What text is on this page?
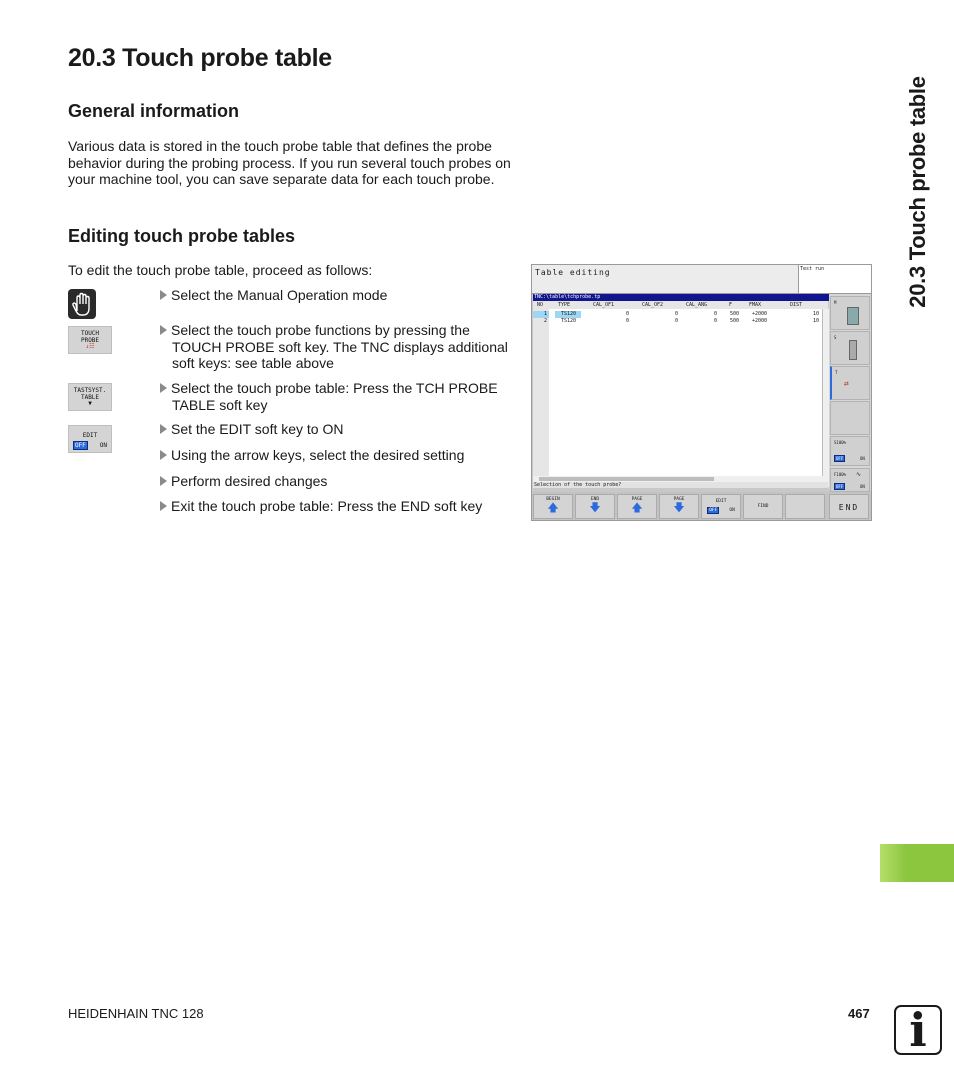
20.3 Touch probe table
20.3 Touch probe table
General information

Various data is stored in the touch probe table that defines the probe behavior during the probing process. If you run several touch probes on your machine tool, you can save separate data for each touch probe.

Editing touch probe tables

To edit the touch probe table, proceed as follows:

TOUCH
PROBE
↓☷
TASTSYST.
TABLE
▼
EDIT
OFF ON
Select the Manual Operation mode
Select the touch probe functions by pressing the
TOUCH PROBE soft key. The TNC displays additional
soft keys: see table above
Select the touch probe table: Press the TCH PROBE
TABLE soft key
Set the EDIT soft key to ON
Using the arrow keys, select the desired setting
Perform desired changes
Exit the touch probe table: Press the END soft key
Table editing	Test run
TNC:\table\tchprobe.tp
NO	TYPE	CAL_OF1	CAL_OF2	CAL_ANG	F	FMAX	DIST
1	TS120	0	0	0	500	+2000	10
2	TS120	0	0	0	500	+2000	10
Selection of the touch probe?
M
S
T
⇄
S100%
OFF	ON
F100% ∿
OFF	ON
BEGIN
🡅
END
🡇
PAGE
🡅
PAGE
🡇	EDIT
OFF	ON
FIND	END
HEIDENHAIN TNC 128	467 i
